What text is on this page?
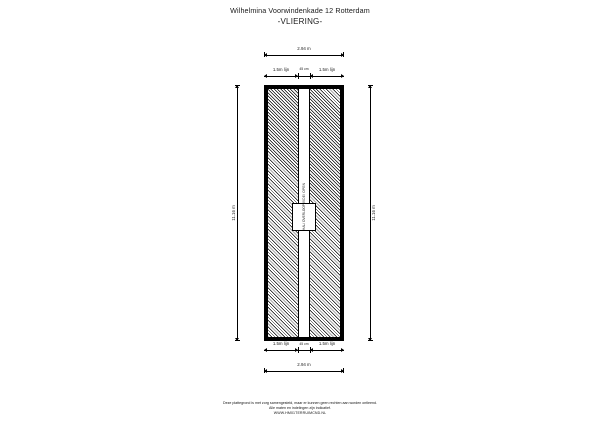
Wilhelmina Voorwindenkade 12 Rotterdam
-VLIERING-
2.94 m
1.5m lijn	45 cm	1.5m lijn
11.16 m	11.16 m
VIDE/ OPEN
HAL/ OVERLOOP
1.5m lijn	45 cm	1.5m lijn
2.94 m
Deze plattegrond is met zorg samengesteld, maar er kunnen geen rechten aan worden ontleend.
Alle maten en indelingen zijn indicatief.
WWW.HM01TERRUIMCND.NL
